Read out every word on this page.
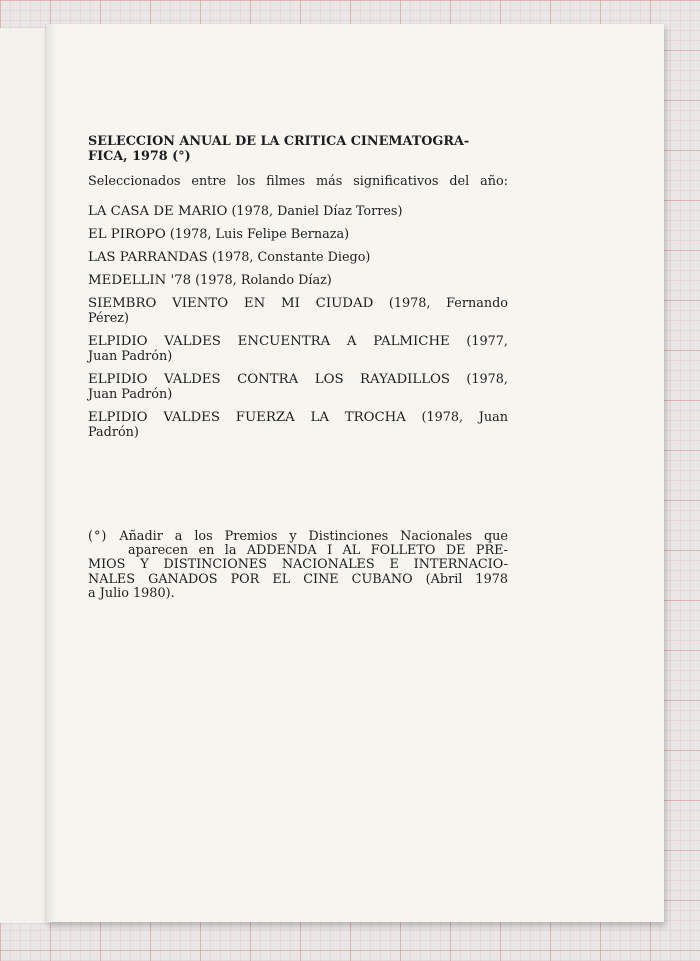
SELECCION ANUAL DE LA CRITICA CINEMATOGRA-
FICA, 1978 (°)

Seleccionados entre los filmes más significativos del año:

LA CASA DE MARIO (1978, Daniel Díaz Torres)

EL PIROPO (1978, Luis Felipe Bernaza)

LAS PARRANDAS (1978, Constante Diego)

MEDELLIN '78 (1978, Rolando Díaz)

SIEMBRO VIENTO EN MI CIUDAD (1978, Fernando
Pérez)

ELPIDIO VALDES ENCUENTRA A PALMICHE (1977,
Juan Padrón)

ELPIDIO VALDES CONTRA LOS RAYADILLOS (1978,
Juan Padrón)

ELPIDIO VALDES FUERZA LA TROCHA (1978, Juan
Padrón)

(°) Añadir a los Premios y Distinciones Nacionales que
aparecen en la ADDENDA I AL FOLLETO DE PRE-
MIOS Y DISTINCIONES NACIONALES E INTERNACIO-
NALES GANADOS POR EL CINE CUBANO (Abril 1978
a Julio 1980).
